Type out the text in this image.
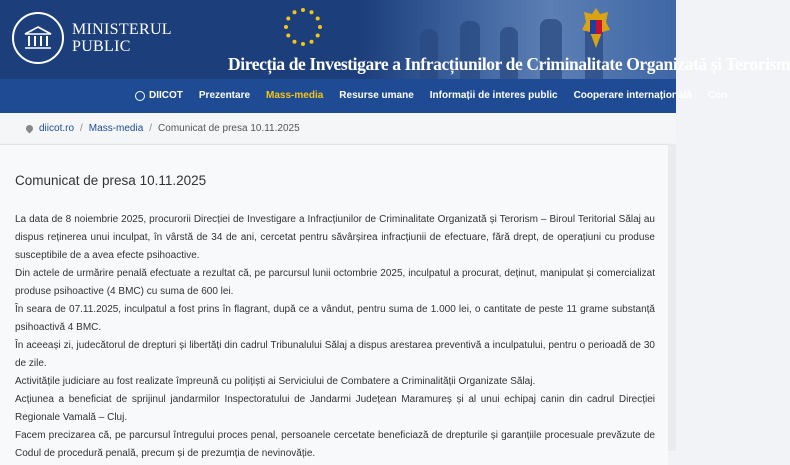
MINISTERUL
PUBLIC
Direcția de Investigare a Infracțiunilor de Criminalitate Organizată și Terorism
DIICOT	Prezentare	Mass-media	Resurse umane	Informații de interes public	Cooperare internațională	Con
diicot.ro / Mass-media / Comunicat de presa 10.11.2025
Comunicat de presa 10.11.2025

La data de 8 noiembrie 2025, procurorii Direcției de Investigare a Infracțiunilor de Criminalitate Organizată și Terorism – Biroul Teritorial Sălaj au dispus reținerea unui inculpat, în vârstă de 34 de ani, cercetat pentru săvârșirea infracțiunii de efectuare, fără drept, de operațiuni cu produse susceptibile de a avea efecte psihoactive.

Din actele de urmărire penală efectuate a rezultat că, pe parcursul lunii octombrie 2025, inculpatul a procurat, deținut, manipulat și comercializat produse psihoactive (4 BMC) cu suma de 600 lei.

În seara de 07.11.2025, inculpatul a fost prins în flagrant, după ce a vândut, pentru suma de 1.000 lei, o cantitate de peste 11 grame substanță psihoactivă 4 BMC.

În aceeași zi, judecătorul de drepturi și libertăți din cadrul Tribunalului Sălaj a dispus arestarea preventivă a inculpatului, pentru o perioadă de 30 de zile.

Activitățile judiciare au fost realizate împreună cu polițiști ai Serviciului de Combatere a Criminalității Organizate Sălaj.

Acțiunea a beneficiat de sprijinul jandarmilor Inspectoratului de Jandarmi Județean Maramureș și al unui echipaj canin din cadrul Direcției Regionale Vamală – Cluj.

Facem precizarea că, pe parcursul întregului proces penal, persoanele cercetate beneficiază de drepturile și garanțiile procesuale prevăzute de Codul de procedură penală, precum și de prezumția de nevinovăție.
